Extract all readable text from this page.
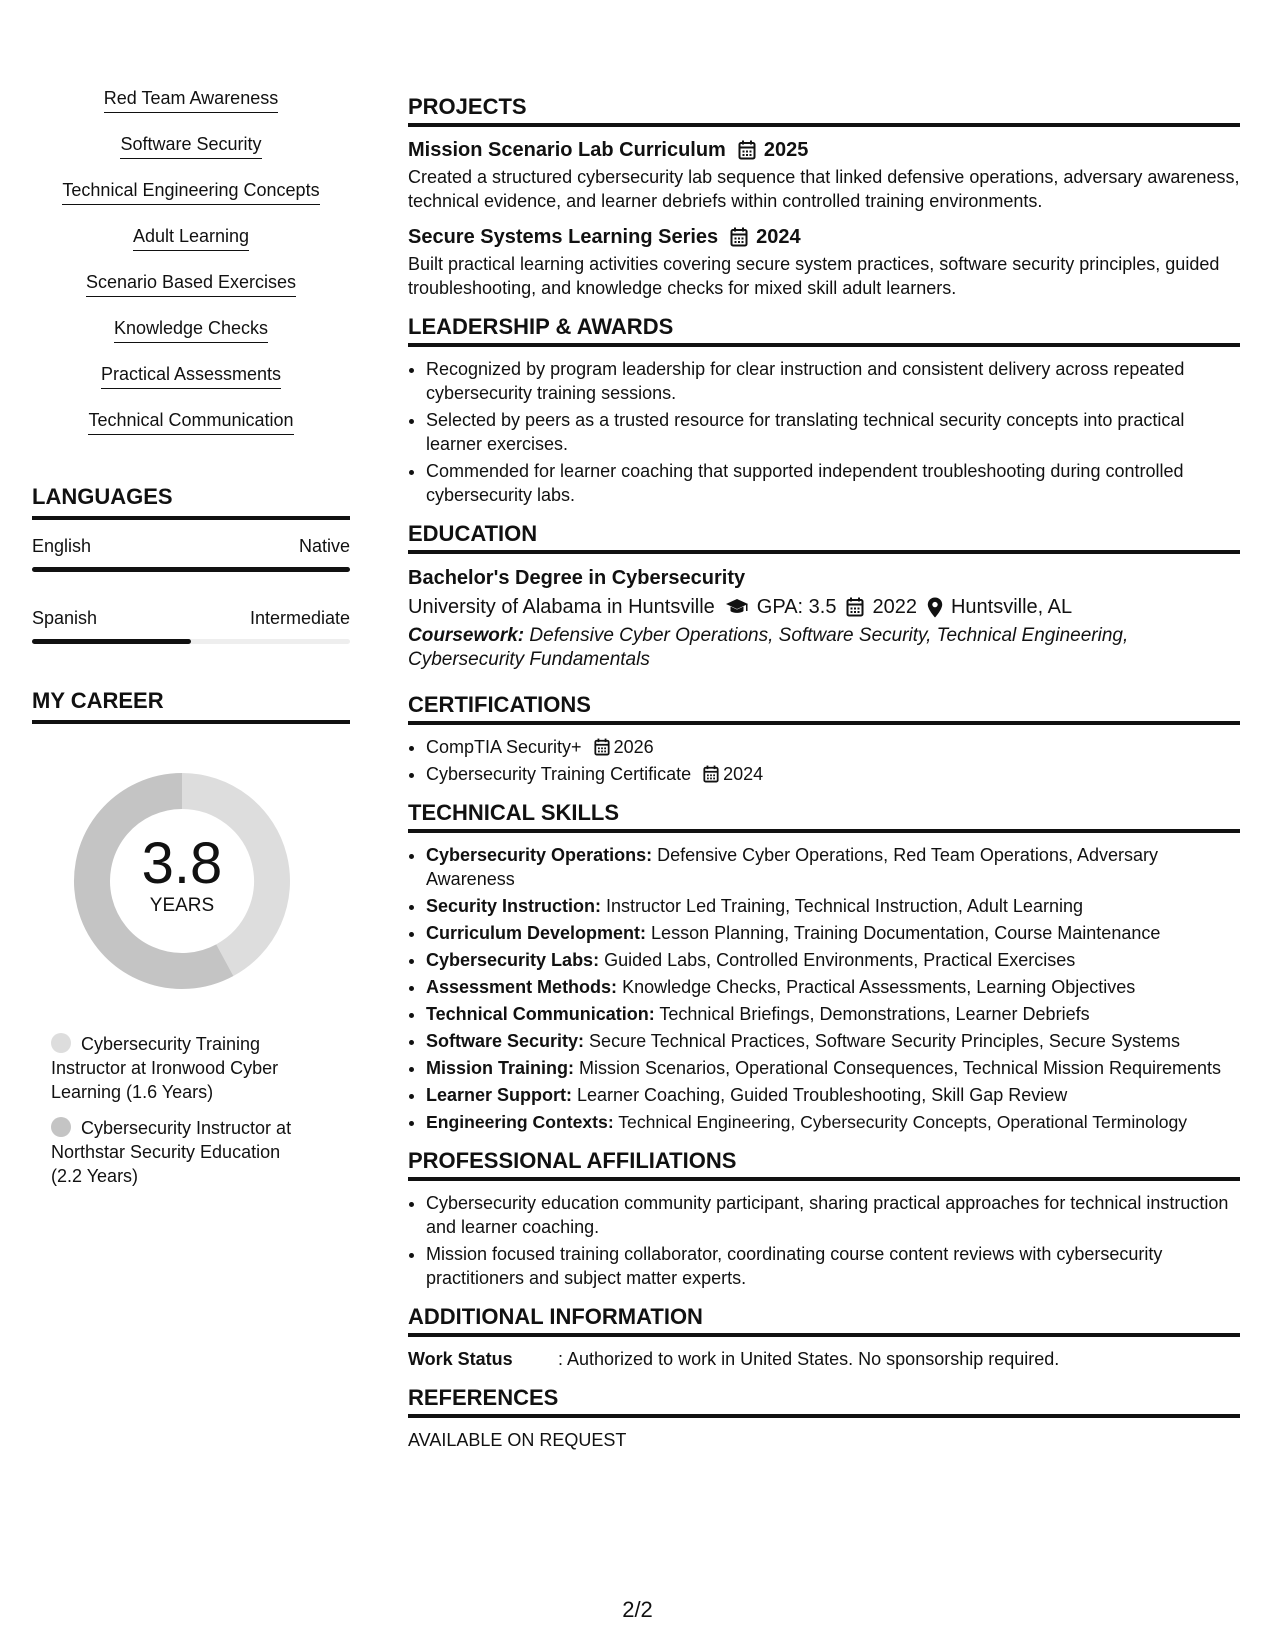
Red Team Awareness
Software Security
Technical Engineering Concepts
Adult Learning
Scenario Based Exercises
Knowledge Checks
Practical Assessments
Technical Communication
LANGUAGES
English	Native
Spanish	Intermediate
MY CAREER
3.8
YEARS
Cybersecurity Training Instructor at Ironwood Cyber Learning (1.6 Years)
Cybersecurity Instructor at Northstar Security Education (2.2 Years)
PROJECTS
Mission Scenario Lab Curriculum 2025
Created a structured cybersecurity lab sequence that linked defensive operations, adversary awareness, technical evidence, and learner debriefs within controlled training environments.
Secure Systems Learning Series 2024
Built practical learning activities covering secure system practices, software security principles, guided troubleshooting, and knowledge checks for mixed skill adult learners.
LEADERSHIP & AWARDS
• Recognized by program leadership for clear instruction and consistent delivery across repeated cybersecurity training sessions.
• Selected by peers as a trusted resource for translating technical security concepts into practical learner exercises.
• Commended for learner coaching that supported independent troubleshooting during controlled cybersecurity labs.
EDUCATION
Bachelor's Degree in Cybersecurity
University of Alabama in Huntsville GPA: 3.5 2022 Huntsville, AL
Coursework: Defensive Cyber Operations, Software Security, Technical Engineering, Cybersecurity Fundamentals
CERTIFICATIONS
• CompTIA Security+ 2026
• Cybersecurity Training Certificate 2024
TECHNICAL SKILLS
• Cybersecurity Operations: Defensive Cyber Operations, Red Team Operations, Adversary Awareness
• Security Instruction: Instructor Led Training, Technical Instruction, Adult Learning
• Curriculum Development: Lesson Planning, Training Documentation, Course Maintenance
• Cybersecurity Labs: Guided Labs, Controlled Environments, Practical Exercises
• Assessment Methods: Knowledge Checks, Practical Assessments, Learning Objectives
• Technical Communication: Technical Briefings, Demonstrations, Learner Debriefs
• Software Security: Secure Technical Practices, Software Security Principles, Secure Systems
• Mission Training: Mission Scenarios, Operational Consequences, Technical Mission Requirements
• Learner Support: Learner Coaching, Guided Troubleshooting, Skill Gap Review
• Engineering Contexts: Technical Engineering, Cybersecurity Concepts, Operational Terminology
PROFESSIONAL AFFILIATIONS
• Cybersecurity education community participant, sharing practical approaches for technical instruction and learner coaching.
• Mission focused training collaborator, coordinating course content reviews with cybersecurity practitioners and subject matter experts.
ADDITIONAL INFORMATION
Work Status	: Authorized to work in United States. No sponsorship required.
REFERENCES
AVAILABLE ON REQUEST
2/2
